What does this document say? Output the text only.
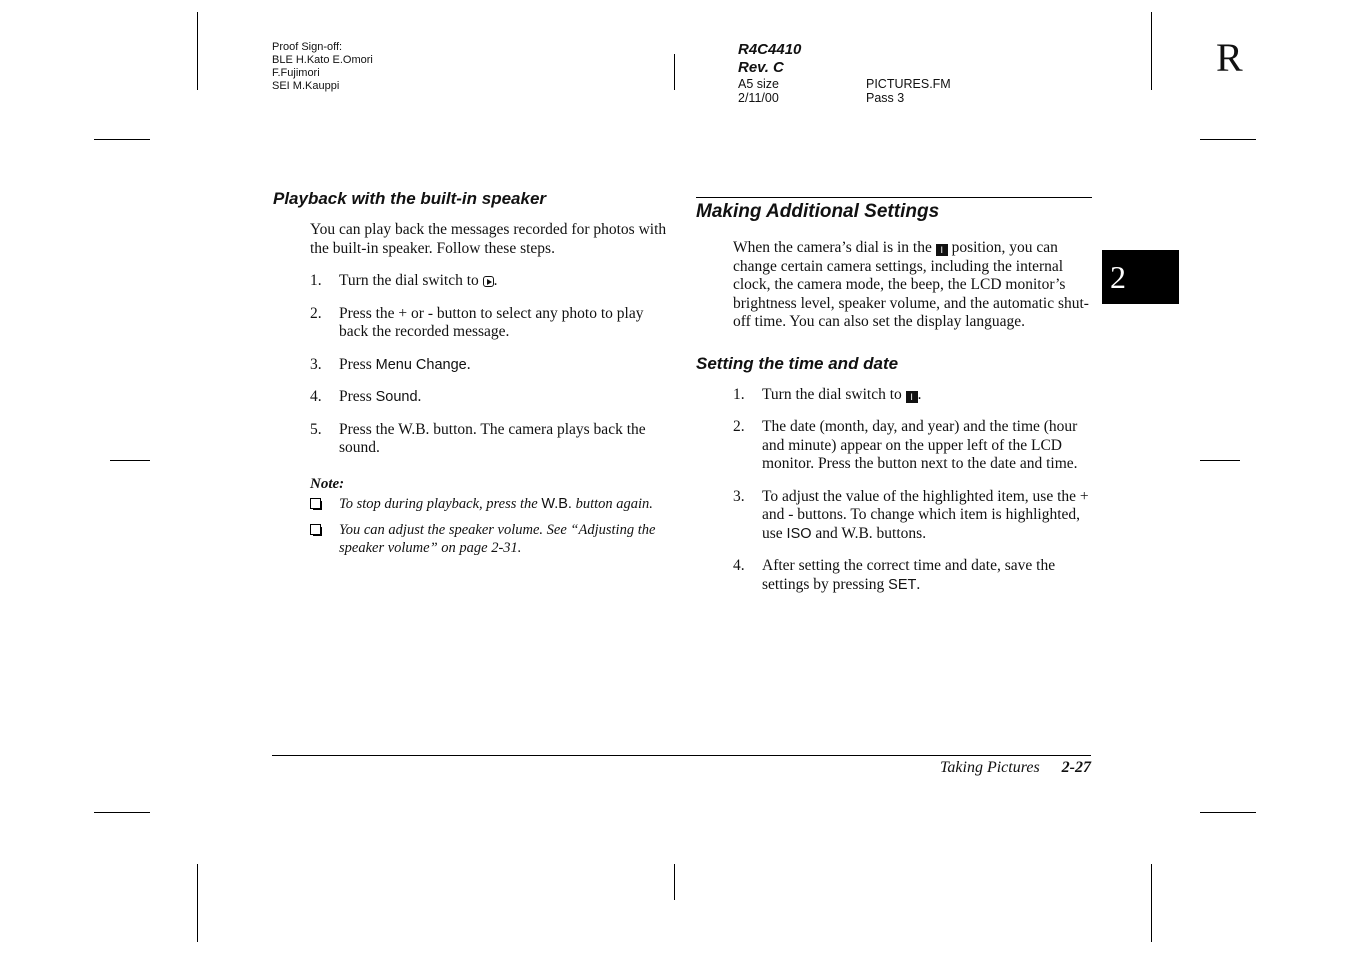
Proof Sign-off:
BLE H.Kato E.Omori
F.Fujimori
SEI M.Kauppi
R4C4410
Rev. C
A5 size	PICTURES.FM
2/11/00	Pass 3
R
2
Playback with the built-in speaker

You can play back the messages recorded for photos with the built-in speaker. Follow these steps.

1. Turn the dial switch to .
2. Press the + or - button to select any photo to play back the recorded message.
3. Press Menu Change.
4. Press Sound.
5. Press the W.B. button. The camera plays back the sound.
Note:
To stop during playback, press the W.B. button again.
You can adjust the speaker volume. See “Adjusting the speaker volume” on page 2-31.
Making Additional Settings

When the camera’s dial is in the I position, you can change certain camera settings, including the internal clock, the camera mode, the beep, the LCD monitor’s brightness level, speaker volume, and the automatic shut-off time. You can also set the display language.

Setting the time and date
1. Turn the dial switch to I .
2. The date (month, day, and year) and the time (hour and minute) appear on the upper left of the LCD monitor. Press the button next to the date and time.
3. To adjust the value of the highlighted item, use the + and - buttons. To change which item is highlighted, use ISO and W.B. buttons.
4. After setting the correct time and date, save the settings by pressing SET.
Taking Pictures 2-27
